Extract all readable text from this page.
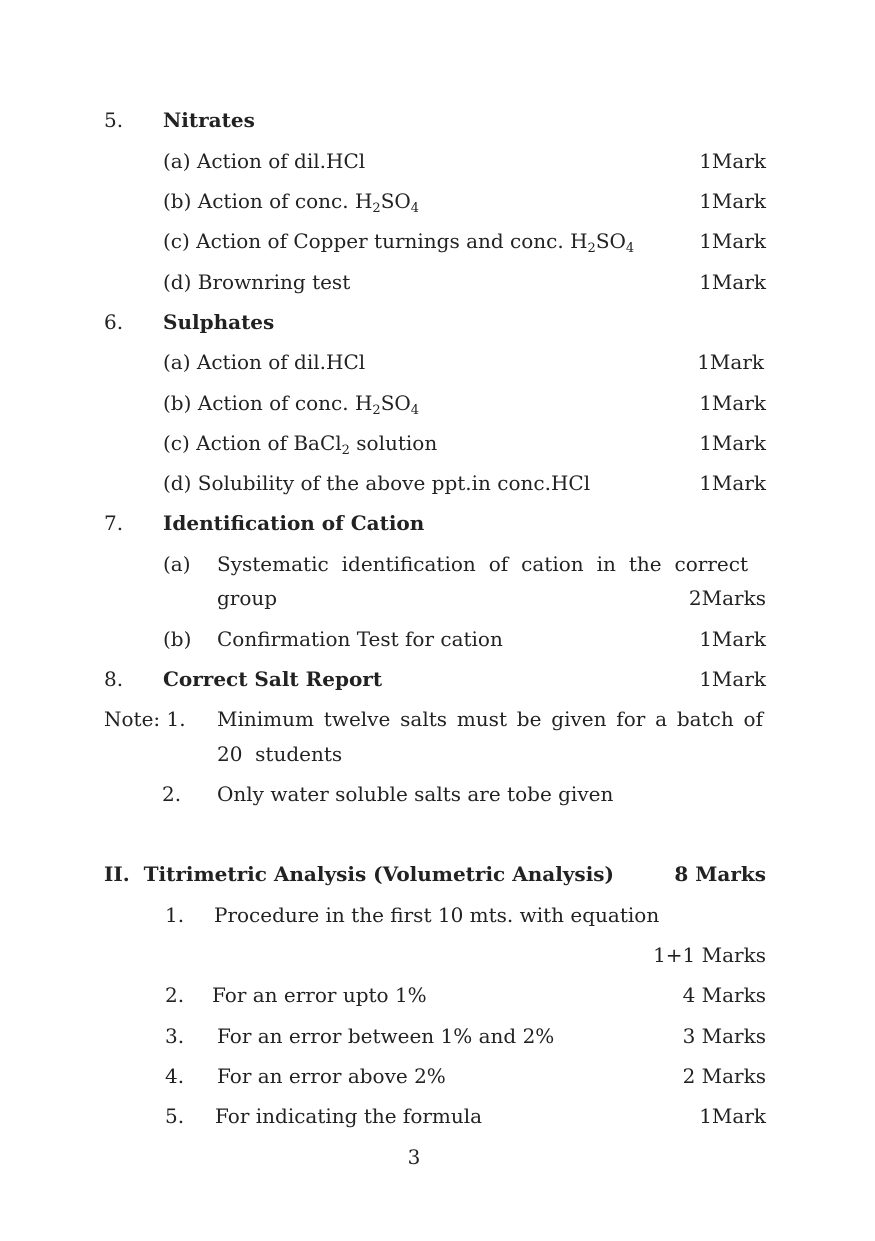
5. Nitrates
(a) Action of dil.HCl	1Mark
(b) Action of conc. $H_2SO_4$	1Mark
(c) Action of Copper turnings and conc. $H_2SO_4$	1Mark
(d) Brownring test	1Mark
6. Sulphates
(a) Action of dil.HCl	1Mark
(b) Action of conc. $H_2SO_4$	1Mark
(c) Action of BaCl$_2$ solution	1Mark
(d) Solubility of the above ppt.in conc.HCl	1Mark
7. Identification of Cation
(a) Systematic identification of cation in the correct
group	2Marks
(b) Confirmation Test for cation	1Mark
8. Correct Salt Report	1Mark
Note: 1. Minimum twelve salts must be given for a batch of
20  students
2. Only water soluble salts are tobe given
II.  Titrimetric Analysis (Volumetric Analysis)	8 Marks
1. Procedure in the first 10 mts. with equation
1+1 Marks
2. For an error upto 1%	4 Marks
3. For an error between 1% and 2%	3 Marks
4. For an error above 2%	2 Marks
5. For indicating the formula	1Mark
3
